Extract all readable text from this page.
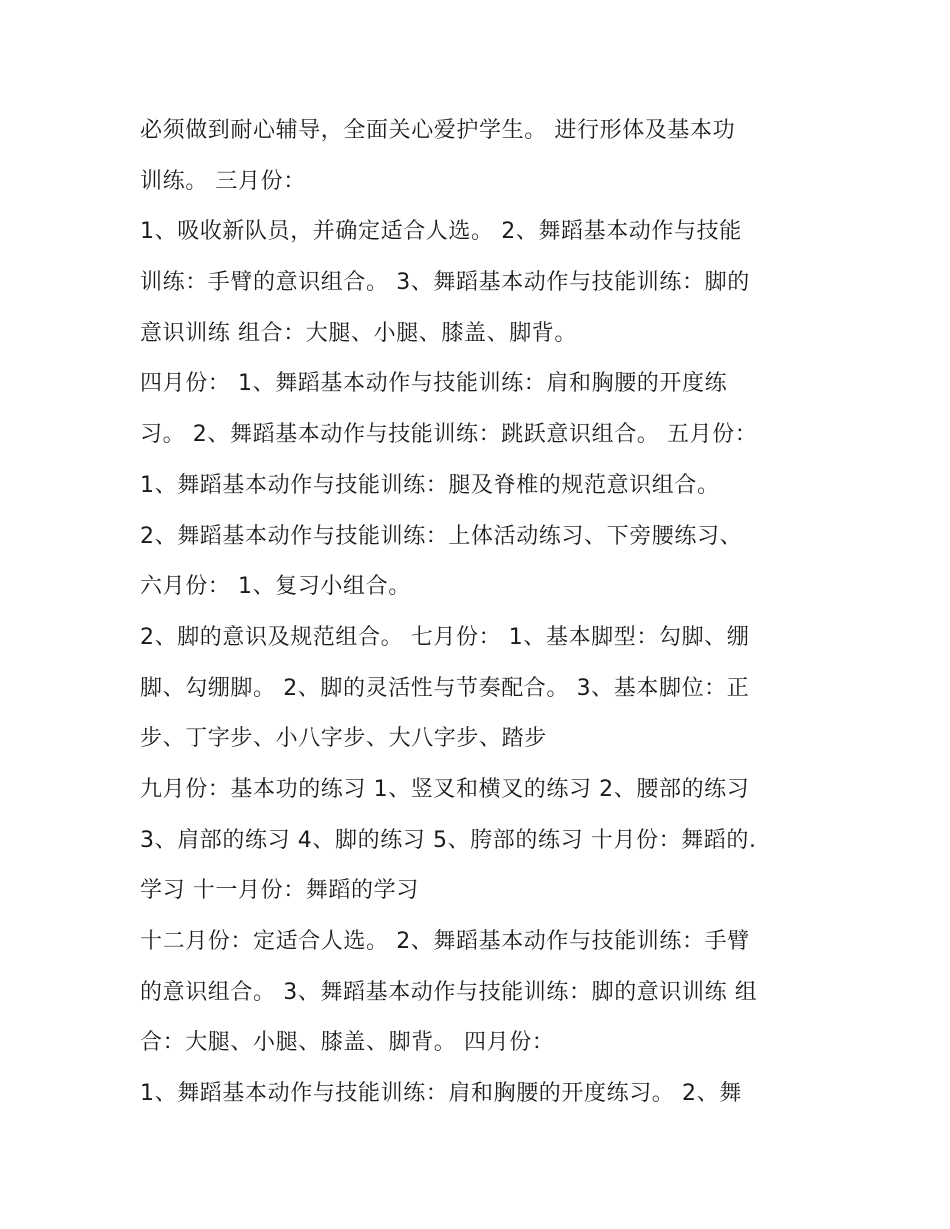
必须做到耐心辅导，全面关心爱护学生。 进行形体及基本功
训练。 三月份：
1、吸收新队员，并确定适合人选。 2、舞蹈基本动作与技能
训练：手臂的意识组合。 3、舞蹈基本动作与技能训练：脚的
意识训练 组合：大腿、小腿、膝盖、脚背。
四月份： 1、舞蹈基本动作与技能训练：肩和胸腰的开度练
习。 2、舞蹈基本动作与技能训练：跳跃意识组合。 五月份：
1、舞蹈基本动作与技能训练：腿及脊椎的规范意识组合。
2、舞蹈基本动作与技能训练：上体活动练习、下旁腰练习、
六月份： 1、复习小组合。
2、脚的意识及规范组合。 七月份： 1、基本脚型：勾脚、绷
脚、勾绷脚。 2、脚的灵活性与节奏配合。 3、基本脚位：正
步、丁字步、小八字步、大八字步、踏步
九月份：基本功的练习 1、竖叉和横叉的练习 2、腰部的练习
3、肩部的练习 4、脚的练习 5、胯部的练习 十月份：舞蹈的.
学习 十一月份：舞蹈的学习
十二月份：定适合人选。 2、舞蹈基本动作与技能训练：手臂
的意识组合。 3、舞蹈基本动作与技能训练：脚的意识训练 组
合：大腿、小腿、膝盖、脚背。 四月份：
1、舞蹈基本动作与技能训练：肩和胸腰的开度练习。 2、舞
